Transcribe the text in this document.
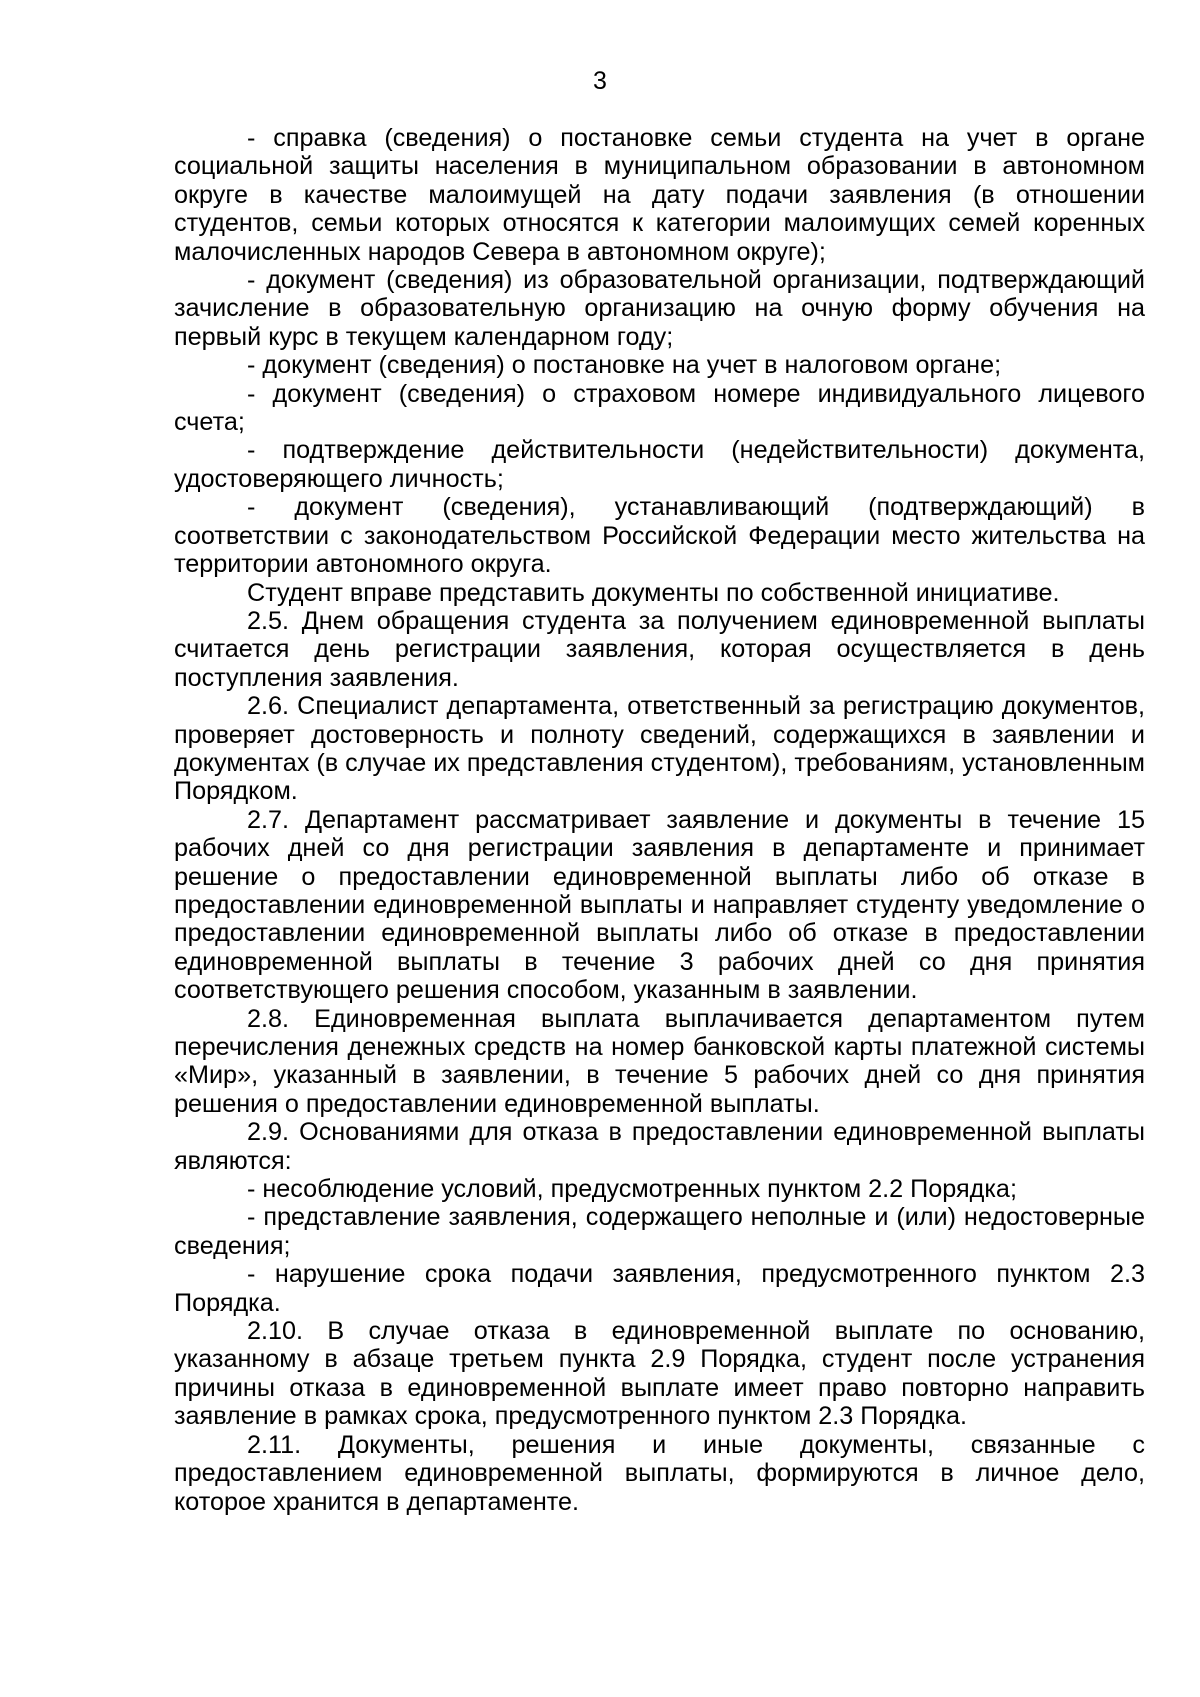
3

- справка (сведения) о постановке семьи студента на учет в органе социальной защиты населения в муниципальном образовании в автономном округе в качестве малоимущей на дату подачи заявления (в отношении студентов, семьи которых относятся к категории малоимущих семей коренных малочисленных народов Севера в автономном округе);

- документ (сведения) из образовательной организации, подтверждающий зачисление в образовательную организацию на очную форму обучения на первый курс в текущем календарном году;

- документ (сведения) о постановке на учет в налоговом органе;

- документ (сведения) о страховом номере индивидуального лицевого счета;

- подтверждение действительности (недействительности) документа, удостоверяющего личность;

- документ (сведения), устанавливающий (подтверждающий) в соответствии с законодательством Российской Федерации место жительства на территории автономного округа.

Студент вправе представить документы по собственной инициативе.

2.5. Днем обращения студента за получением единовременной выплаты считается день регистрации заявления, которая осуществляется в день поступления заявления.

2.6. Специалист департамента, ответственный за регистрацию документов, проверяет достоверность и полноту сведений, содержащихся в заявлении и документах (в случае их представления студентом), требованиям, установленным Порядком.

2.7. Департамент рассматривает заявление и документы в течение 15 рабочих дней со дня регистрации заявления в департаменте и принимает решение о предоставлении единовременной выплаты либо об отказе в предоставлении единовременной выплаты и направляет студенту уведомление о предоставлении единовременной выплаты либо об отказе в предоставлении единовременной выплаты в течение 3 рабочих дней со дня принятия соответствующего решения способом, указанным в заявлении.

2.8. Единовременная выплата выплачивается департаментом путем перечисления денежных средств на номер банковской карты платежной системы «Мир», указанный в заявлении, в течение 5 рабочих дней со дня принятия решения о предоставлении единовременной выплаты.

2.9. Основаниями для отказа в предоставлении единовременной выплаты являются:

- несоблюдение условий, предусмотренных пунктом 2.2 Порядка;

- представление заявления, содержащего неполные и (или) недостоверные сведения;

- нарушение срока подачи заявления, предусмотренного пунктом 2.3 Порядка.

2.10. В случае отказа в единовременной выплате по основанию, указанному в абзаце третьем пункта 2.9 Порядка, студент после устранения причины отказа в единовременной выплате имеет право повторно направить заявление в рамках срока, предусмотренного пунктом 2.3 Порядка.

2.11. Документы, решения и иные документы, связанные с предоставлением единовременной выплаты, формируются в личное дело, которое хранится в департаменте.
